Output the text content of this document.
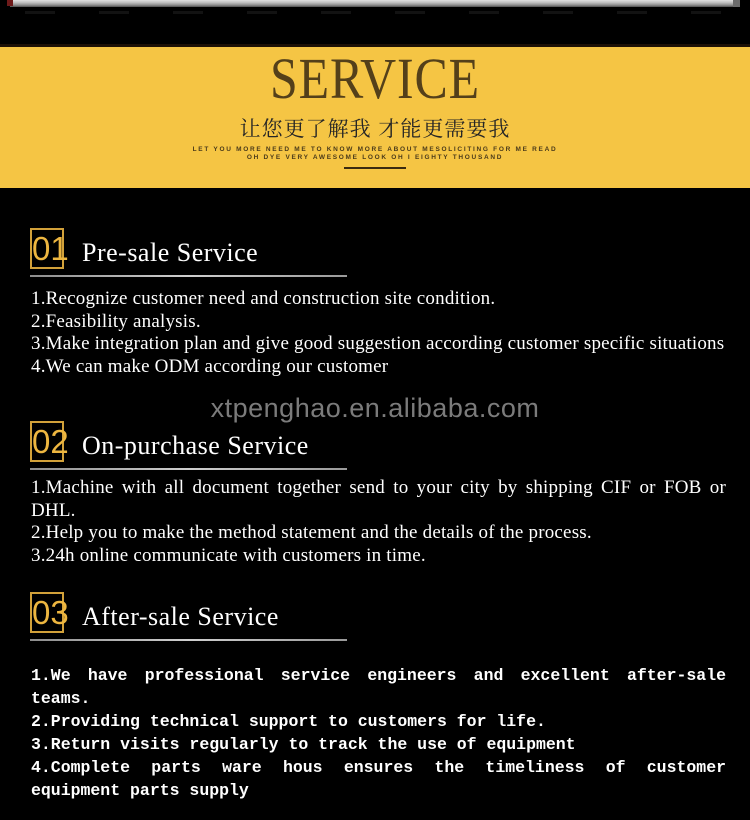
SERVICE
让您更了解我 才能更需要我
LET YOU MORE NEED ME TO KNOW MORE ABOUT MESOLICITING FOR ME READ
OH DYE VERY AWESOME LOOK OH I EIGHTY THOUSAND
01 Pre-sale Service

1.Recognize customer need and construction site condition.

2.Feasibility analysis.

3.Make integration plan and give good suggestion according customer specific situations

4.We can make ODM according our customer

xtpenghao.en.alibaba.com
02 On-purchase Service

1.Machine with all document together send to your city by shipping CIF or FOB or DHL.

2.Help you to make the method statement and the details of the process.

3.24h online communicate with customers in time.

03 After-sale Service

1.We have professional service engineers and excellent after-sale teams.

2.Providing technical support to customers for life.

3.Return visits regularly to track the use of equipment

4.Complete parts ware hous ensures the timeliness of customer equipment parts supply
